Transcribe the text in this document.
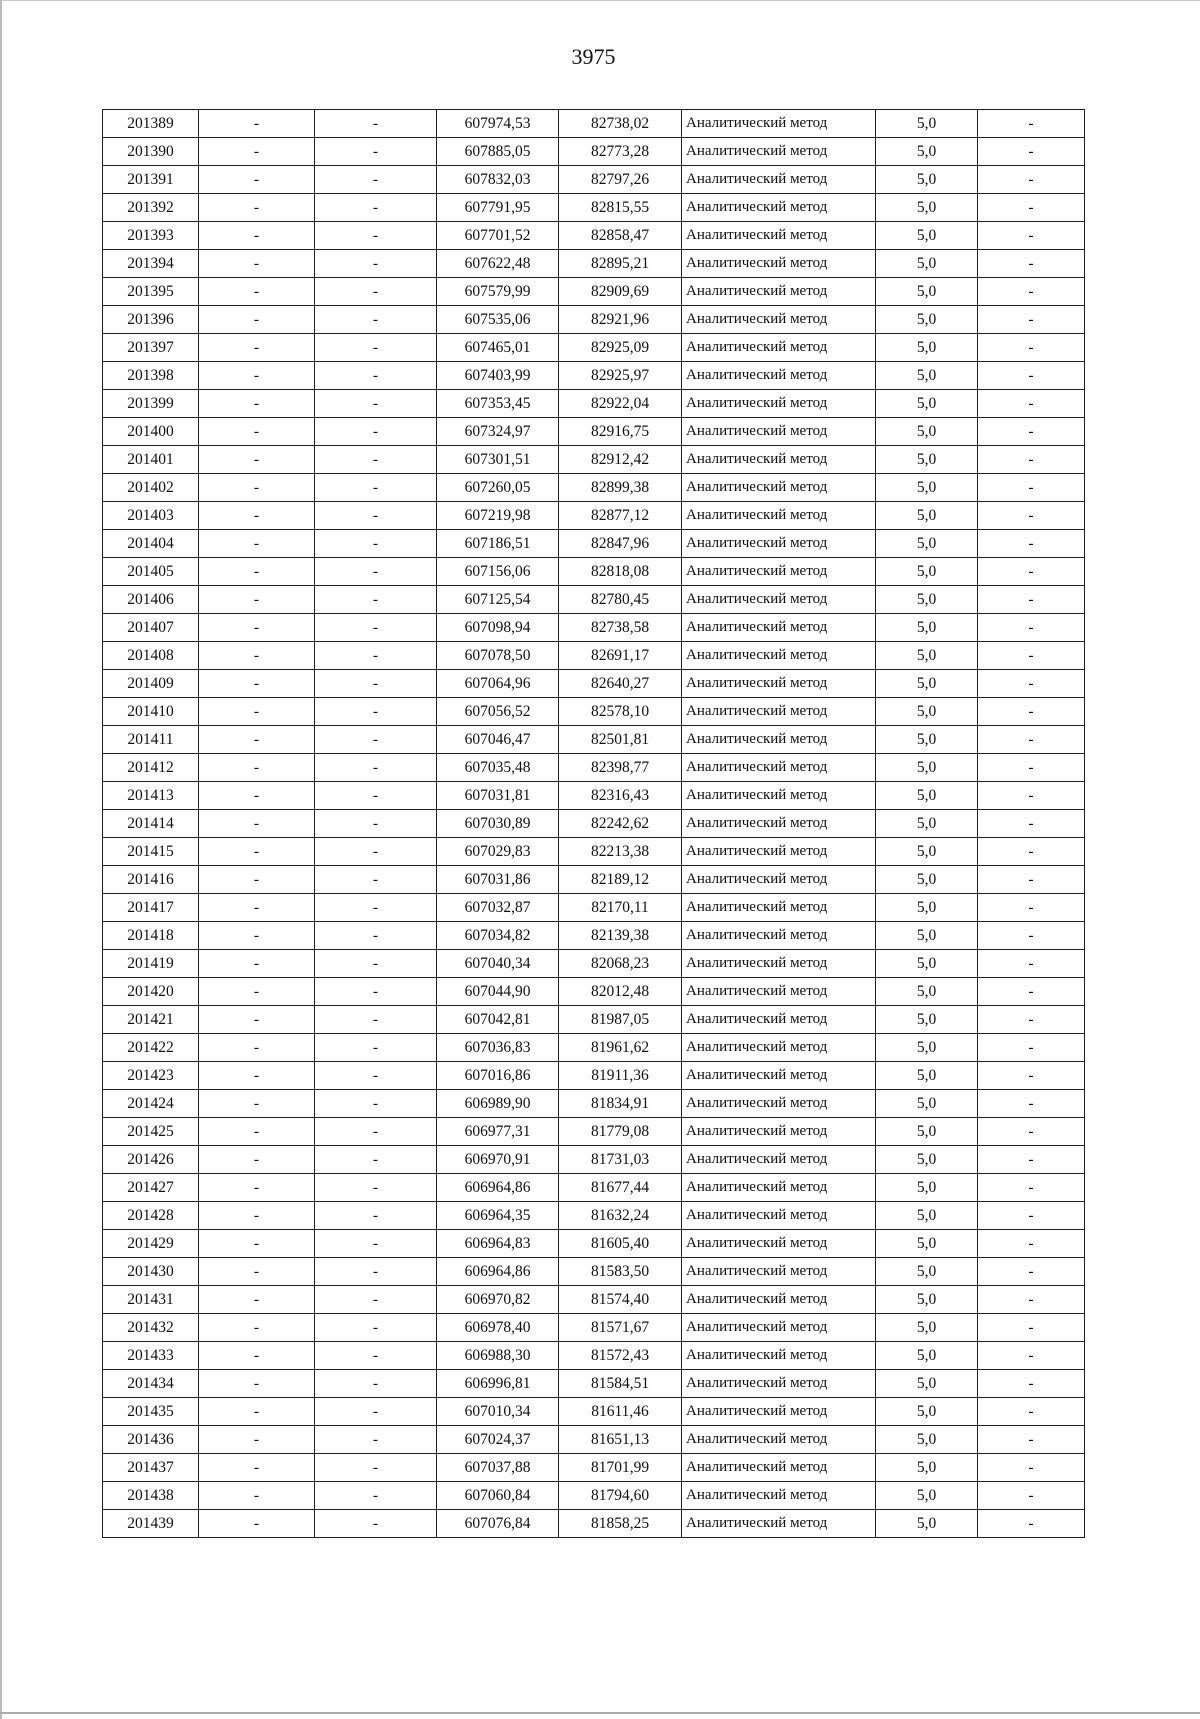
3975
201389	-	-	607974,53	82738,02	Аналитический метод	5,0	-
201390	-	-	607885,05	82773,28	Аналитический метод	5,0	-
201391	-	-	607832,03	82797,26	Аналитический метод	5,0	-
201392	-	-	607791,95	82815,55	Аналитический метод	5,0	-
201393	-	-	607701,52	82858,47	Аналитический метод	5,0	-
201394	-	-	607622,48	82895,21	Аналитический метод	5,0	-
201395	-	-	607579,99	82909,69	Аналитический метод	5,0	-
201396	-	-	607535,06	82921,96	Аналитический метод	5,0	-
201397	-	-	607465,01	82925,09	Аналитический метод	5,0	-
201398	-	-	607403,99	82925,97	Аналитический метод	5,0	-
201399	-	-	607353,45	82922,04	Аналитический метод	5,0	-
201400	-	-	607324,97	82916,75	Аналитический метод	5,0	-
201401	-	-	607301,51	82912,42	Аналитический метод	5,0	-
201402	-	-	607260,05	82899,38	Аналитический метод	5,0	-
201403	-	-	607219,98	82877,12	Аналитический метод	5,0	-
201404	-	-	607186,51	82847,96	Аналитический метод	5,0	-
201405	-	-	607156,06	82818,08	Аналитический метод	5,0	-
201406	-	-	607125,54	82780,45	Аналитический метод	5,0	-
201407	-	-	607098,94	82738,58	Аналитический метод	5,0	-
201408	-	-	607078,50	82691,17	Аналитический метод	5,0	-
201409	-	-	607064,96	82640,27	Аналитический метод	5,0	-
201410	-	-	607056,52	82578,10	Аналитический метод	5,0	-
201411	-	-	607046,47	82501,81	Аналитический метод	5,0	-
201412	-	-	607035,48	82398,77	Аналитический метод	5,0	-
201413	-	-	607031,81	82316,43	Аналитический метод	5,0	-
201414	-	-	607030,89	82242,62	Аналитический метод	5,0	-
201415	-	-	607029,83	82213,38	Аналитический метод	5,0	-
201416	-	-	607031,86	82189,12	Аналитический метод	5,0	-
201417	-	-	607032,87	82170,11	Аналитический метод	5,0	-
201418	-	-	607034,82	82139,38	Аналитический метод	5,0	-
201419	-	-	607040,34	82068,23	Аналитический метод	5,0	-
201420	-	-	607044,90	82012,48	Аналитический метод	5,0	-
201421	-	-	607042,81	81987,05	Аналитический метод	5,0	-
201422	-	-	607036,83	81961,62	Аналитический метод	5,0	-
201423	-	-	607016,86	81911,36	Аналитический метод	5,0	-
201424	-	-	606989,90	81834,91	Аналитический метод	5,0	-
201425	-	-	606977,31	81779,08	Аналитический метод	5,0	-
201426	-	-	606970,91	81731,03	Аналитический метод	5,0	-
201427	-	-	606964,86	81677,44	Аналитический метод	5,0	-
201428	-	-	606964,35	81632,24	Аналитический метод	5,0	-
201429	-	-	606964,83	81605,40	Аналитический метод	5,0	-
201430	-	-	606964,86	81583,50	Аналитический метод	5,0	-
201431	-	-	606970,82	81574,40	Аналитический метод	5,0	-
201432	-	-	606978,40	81571,67	Аналитический метод	5,0	-
201433	-	-	606988,30	81572,43	Аналитический метод	5,0	-
201434	-	-	606996,81	81584,51	Аналитический метод	5,0	-
201435	-	-	607010,34	81611,46	Аналитический метод	5,0	-
201436	-	-	607024,37	81651,13	Аналитический метод	5,0	-
201437	-	-	607037,88	81701,99	Аналитический метод	5,0	-
201438	-	-	607060,84	81794,60	Аналитический метод	5,0	-
201439	-	-	607076,84	81858,25	Аналитический метод	5,0	-
